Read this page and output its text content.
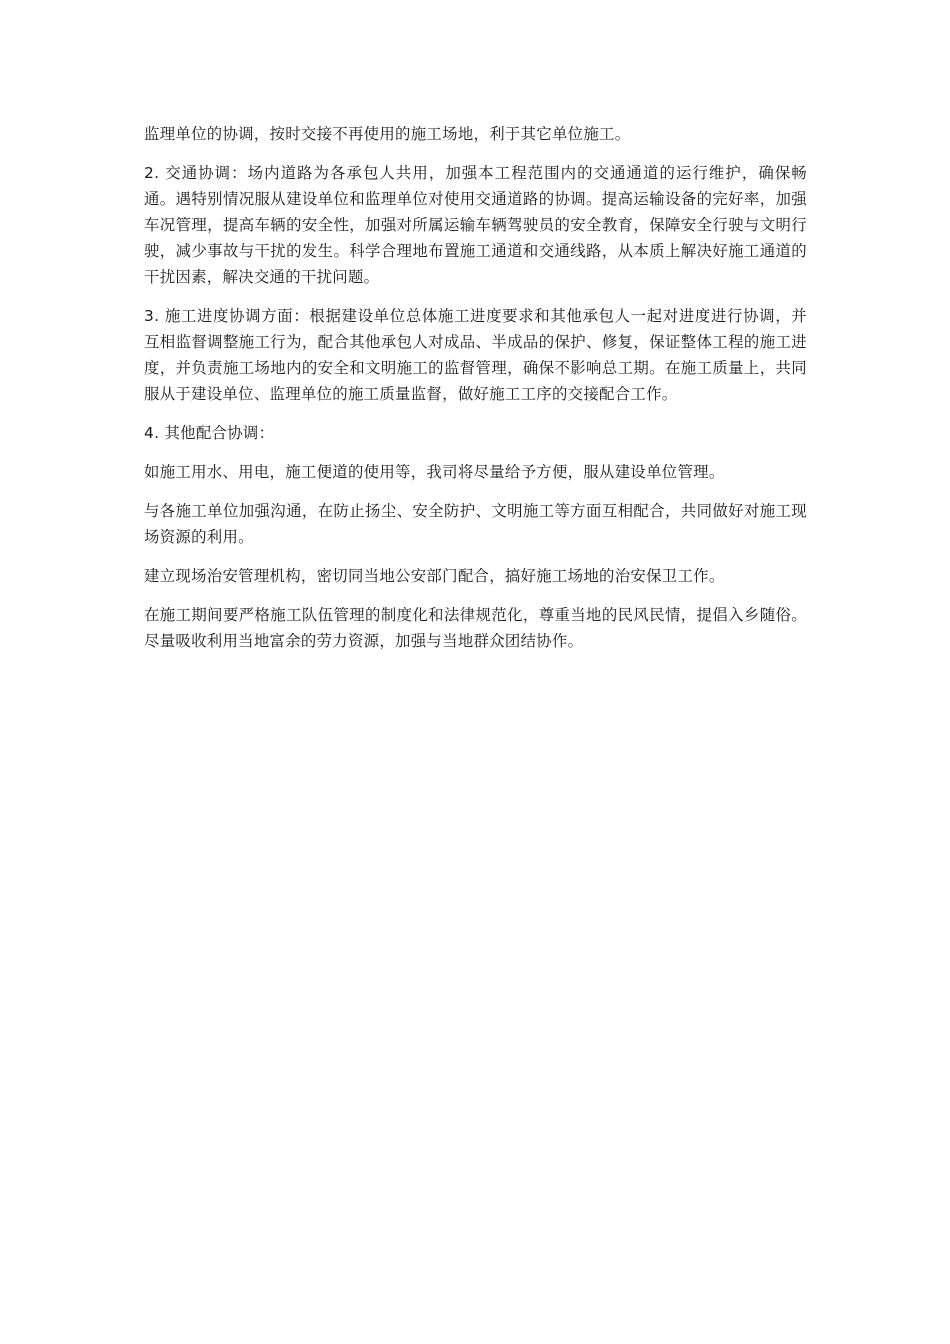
监理单位的协调，按时交接不再使用的施工场地，利于其它单位施工。

2. 交通协调：场内道路为各承包人共用，加强本工程范围内的交通通道的运行维护，确保畅通。遇特别情况服从建设单位和监理单位对使用交通道路的协调。提高运输设备的完好率，加强车况管理，提高车辆的安全性，加强对所属运输车辆驾驶员的安全教育，保障安全行驶与文明行驶，减少事故与干扰的发生。科学合理地布置施工通道和交通线路，从本质上解决好施工通道的干扰因素，解决交通的干扰问题。

3. 施工进度协调方面：根据建设单位总体施工进度要求和其他承包人一起对进度进行协调，并互相监督调整施工行为，配合其他承包人对成品、半成品的保护、修复，保证整体工程的施工进度，并负责施工场地内的安全和文明施工的监督管理，确保不影响总工期。在施工质量上，共同服从于建设单位、监理单位的施工质量监督，做好施工工序的交接配合工作。

4. 其他配合协调：

如施工用水、用电，施工便道的使用等，我司将尽量给予方便，服从建设单位管理。

与各施工单位加强沟通，在防止扬尘、安全防护、文明施工等方面互相配合，共同做好对施工现场资源的利用。

建立现场治安管理机构，密切同当地公安部门配合，搞好施工场地的治安保卫工作。

在施工期间要严格施工队伍管理的制度化和法律规范化，尊重当地的民风民情，提倡入乡随俗。尽量吸收利用当地富余的劳力资源，加强与当地群众团结协作。
